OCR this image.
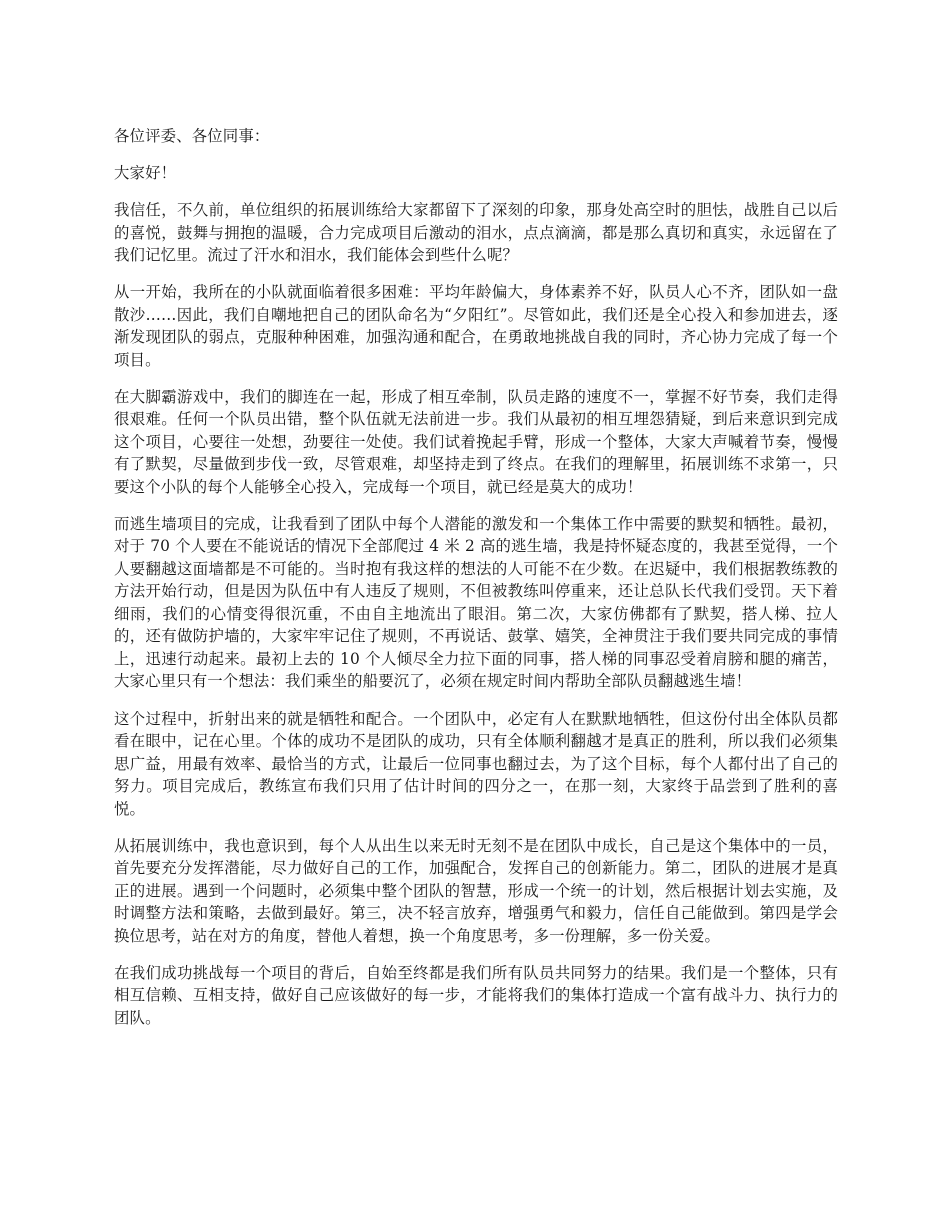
各位评委、各位同事：

大家好！

我信任，不久前，单位组织的拓展训练给大家都留下了深刻的印象，那身处高空时的胆怯，战胜自己以后的喜悦，鼓舞与拥抱的温暖，合力完成项目后激动的泪水，点点滴滴，都是那么真切和真实，永远留在了我们记忆里。流过了汗水和泪水，我们能体会到些什么呢？

从一开始，我所在的小队就面临着很多困难：平均年龄偏大，身体素养不好，队员人心不齐，团队如一盘散沙……因此，我们自嘲地把自己的团队命名为“夕阳红”。尽管如此，我们还是全心投入和参加进去，逐渐发现团队的弱点，克服种种困难，加强沟通和配合，在勇敢地挑战自我的同时，齐心协力完成了每一个项目。

在大脚霸游戏中，我们的脚连在一起，形成了相互牵制，队员走路的速度不一，掌握不好节奏，我们走得很艰难。任何一个队员出错，整个队伍就无法前进一步。我们从最初的相互埋怨猜疑，到后来意识到完成这个项目，心要往一处想，劲要往一处使。我们试着挽起手臂，形成一个整体，大家大声喊着节奏，慢慢有了默契，尽量做到步伐一致，尽管艰难，却坚持走到了终点。在我们的理解里，拓展训练不求第一，只要这个小队的每个人能够全心投入，完成每一个项目，就已经是莫大的成功！

而逃生墙项目的完成，让我看到了团队中每个人潜能的激发和一个集体工作中需要的默契和牺牲。最初，对于 70 个人要在不能说话的情况下全部爬过 4 米 2 高的逃生墙，我是持怀疑态度的，我甚至觉得，一个人要翻越这面墙都是不可能的。当时抱有我这样的想法的人可能不在少数。在迟疑中，我们根据教练教的方法开始行动，但是因为队伍中有人违反了规则，不但被教练叫停重来，还让总队长代我们受罚。天下着细雨，我们的心情变得很沉重，不由自主地流出了眼泪。第二次，大家仿佛都有了默契，搭人梯、拉人的，还有做防护墙的，大家牢牢记住了规则，不再说话、鼓掌、嬉笑，全神贯注于我们要共同完成的事情上，迅速行动起来。最初上去的 10 个人倾尽全力拉下面的同事，搭人梯的同事忍受着肩膀和腿的痛苦，大家心里只有一个想法：我们乘坐的船要沉了，必须在规定时间内帮助全部队员翻越逃生墙！

这个过程中，折射出来的就是牺牲和配合。一个团队中，必定有人在默默地牺牲，但这份付出全体队员都看在眼中，记在心里。个体的成功不是团队的成功，只有全体顺利翻越才是真正的胜利，所以我们必须集思广益，用最有效率、最恰当的方式，让最后一位同事也翻过去，为了这个目标，每个人都付出了自己的努力。项目完成后，教练宣布我们只用了估计时间的四分之一，在那一刻，大家终于品尝到了胜利的喜悦。

从拓展训练中，我也意识到，每个人从出生以来无时无刻不是在团队中成长，自己是这个集体中的一员，首先要充分发挥潜能，尽力做好自己的工作，加强配合，发挥自己的创新能力。第二，团队的进展才是真正的进展。遇到一个问题时，必须集中整个团队的智慧，形成一个统一的计划，然后根据计划去实施，及时调整方法和策略，去做到最好。第三，决不轻言放弃，增强勇气和毅力，信任自己能做到。第四是学会换位思考，站在对方的角度，替他人着想，换一个角度思考，多一份理解，多一份关爱。

在我们成功挑战每一个项目的背后，自始至终都是我们所有队员共同努力的结果。我们是一个整体，只有相互信赖、互相支持，做好自己应该做好的每一步，才能将我们的集体打造成一个富有战斗力、执行力的团队。
